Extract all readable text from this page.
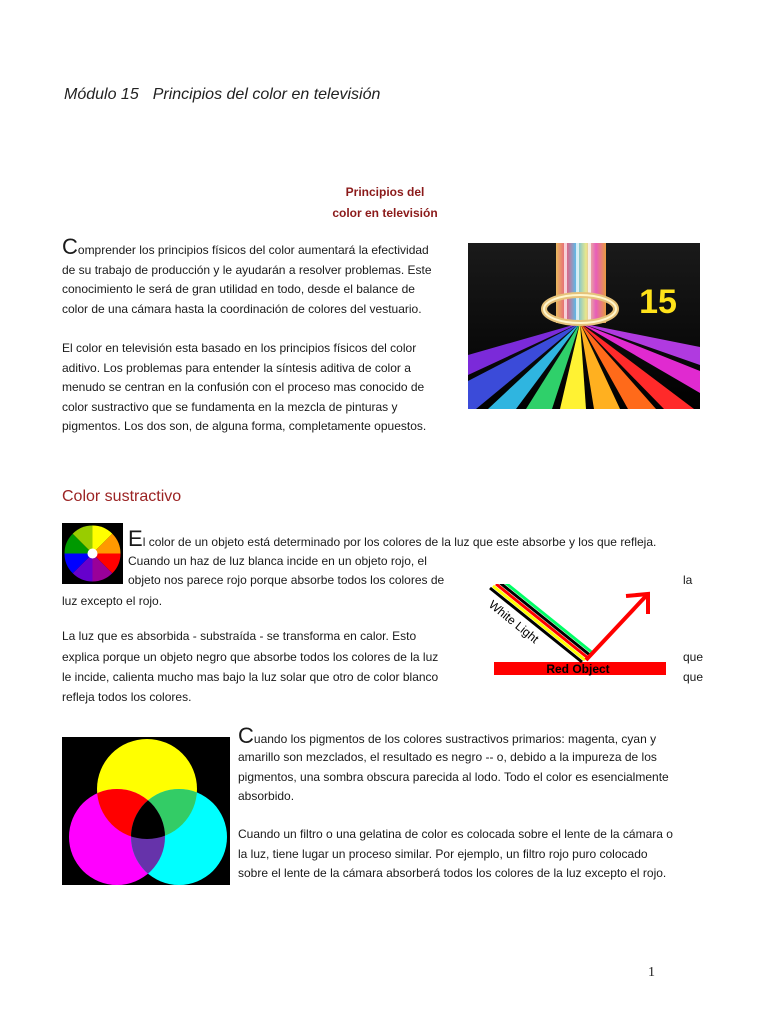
Módulo 15 Principios del color en televisión
Principios del
color en televisión
Comprender los principios físicos del color aumentará la efectividad
de su trabajo de producción y le ayudarán a resolver problemas. Este
conocimiento le será de gran utilidad en todo, desde el balance de
color de una cámara hasta la coordinación de colores del vestuario.
El color en televisión esta basado en los principios físicos del color
aditivo. Los problemas para entender la síntesis aditiva de color a
menudo se centran en la confusión con el proceso mas conocido de
color sustractivo que se fundamenta en la mezcla de pinturas y
pigmentos. Los dos son, de alguna forma, completamente opuestos.
15
Color sustractivo
El color de un objeto está determinado por los colores de la luz que este absorbe y los que refleja.
Cuando un haz de luz blanca incide en un objeto rojo, el
objeto nos parece rojo porque absorbe todos los colores de	la
luz excepto el rojo.
La luz que es absorbida - substraída - se transforma en calor. Esto
explica porque un objeto negro que absorbe todos los colores de la luz	que
le incide, calienta mucho mas bajo la luz solar que otro de color blanco	que
refleja todos los colores.
Red Object
White Light
Cuando los pigmentos de los colores sustractivos primarios: magenta, cyan y
amarillo son mezclados, el resultado es negro -- o, debido a la impureza de los
pigmentos, una sombra obscura parecida al lodo. Todo el color es esencialmente
absorbido.
Cuando un filtro o una gelatina de color es colocada sobre el lente de la cámara o
la luz, tiene lugar un proceso similar. Por ejemplo, un filtro rojo puro colocado
sobre el lente de la cámara absorberá todos los colores de la luz excepto el rojo.
1
